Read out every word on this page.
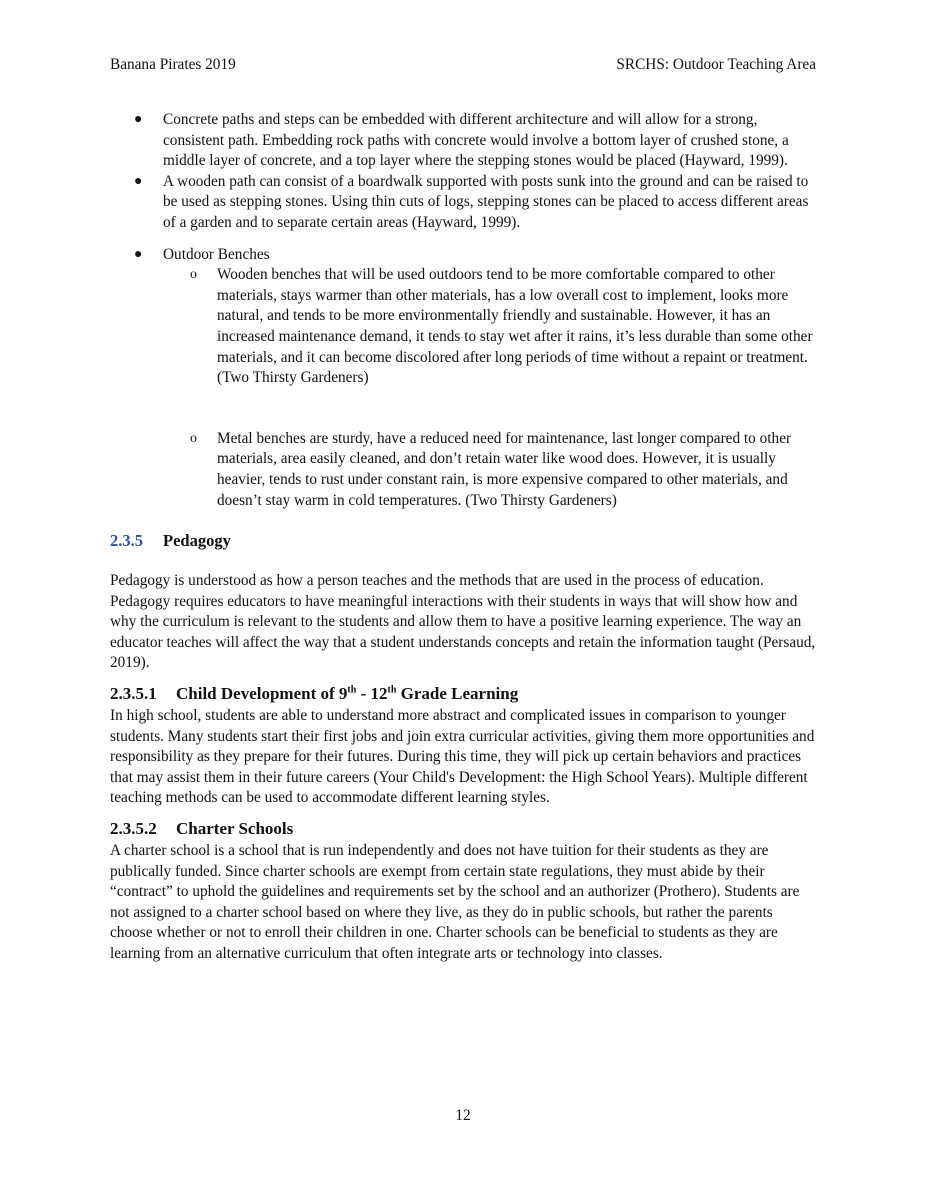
Banana Pirates 2019	SRCHS: Outdoor Teaching Area
● Concrete paths and steps can be embedded with different architecture and will allow for a strong, consistent path. Embedding rock paths with concrete would involve a bottom layer of crushed stone, a middle layer of concrete, and a top layer where the stepping stones would be placed (Hayward, 1999).
● A wooden path can consist of a boardwalk supported with posts sunk into the ground and can be raised to be used as stepping stones. Using thin cuts of logs, stepping stones can be placed to access different areas of a garden and to separate certain areas (Hayward, 1999).
● Outdoor Benches
o Wooden benches that will be used outdoors tend to be more comfortable compared to other materials, stays warmer than other materials, has a low overall cost to implement, looks more natural, and tends to be more environmentally friendly and sustainable. However, it has an increased maintenance demand, it tends to stay wet after it rains, it’s less durable than some other materials, and it can become discolored after long periods of time without a repaint or treatment. (Two Thirsty Gardeners)
o Metal benches are sturdy, have a reduced need for maintenance, last longer compared to other materials, area easily cleaned, and don’t retain water like wood does. However, it is usually heavier, tends to rust under constant rain, is more expensive compared to other materials, and doesn’t stay warm in cold temperatures. (Two Thirsty Gardeners)
2.3.5 Pedagogy

Pedagogy is understood as how a person teaches and the methods that are used in the process of education. Pedagogy requires educators to have meaningful interactions with their students in ways that will show how and why the curriculum is relevant to the students and allow them to have a positive learning experience. The way an educator teaches will affect the way that a student understands concepts and retain the information taught (Persaud, 2019).

2.3.5.1 Child Development of 9th - 12th Grade Learning

In high school, students are able to understand more abstract and complicated issues in comparison to younger students. Many students start their first jobs and join extra curricular activities, giving them more opportunities and responsibility as they prepare for their futures. During this time, they will pick up certain behaviors and practices that may assist them in their future careers (Your Child's Development: the High School Years). Multiple different teaching methods can be used to accommodate different learning styles.

2.3.5.2 Charter Schools

A charter school is a school that is run independently and does not have tuition for their students as they are publically funded. Since charter schools are exempt from certain state regulations, they must abide by their “contract” to uphold the guidelines and requirements set by the school and an authorizer (Prothero). Students are not assigned to a charter school based on where they live, as they do in public schools, but rather the parents choose whether or not to enroll their children in one. Charter schools can be beneficial to students as they are learning from an alternative curriculum that often integrate arts or technology into classes.

12
